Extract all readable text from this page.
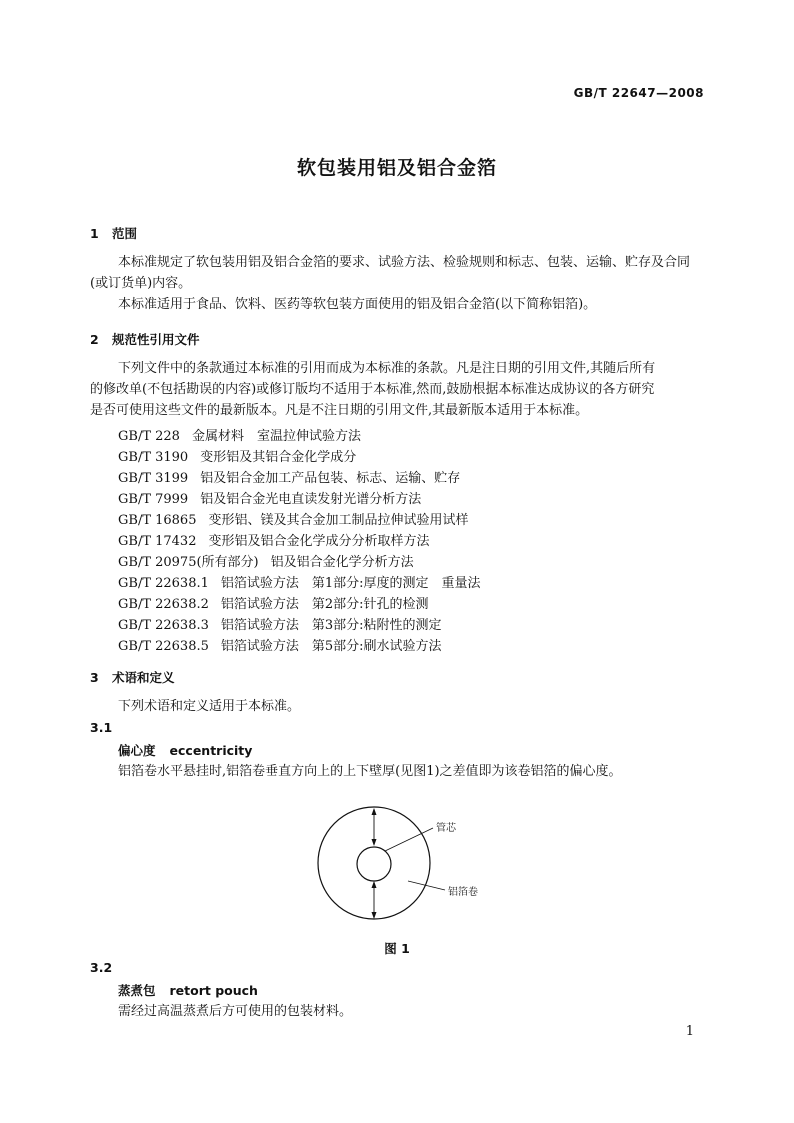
GB/T 22647—2008
软包装用铝及铝合金箔
1 范围
本标准规定了软包装用铝及铝合金箔的要求、试验方法、检验规则和标志、包装、运输、贮存及合同
(或订货单)内容。
本标准适用于食品、饮料、医药等软包装方面使用的铝及铝合金箔(以下简称铝箔)。
2 规范性引用文件
下列文件中的条款通过本标准的引用而成为本标准的条款。凡是注日期的引用文件,其随后所有
的修改单(不包括勘误的内容)或修订版均不适用于本标准,然而,鼓励根据本标准达成协议的各方研究
是否可使用这些文件的最新版本。凡是不注日期的引用文件,其最新版本适用于本标准。
GB/T 228 金属材料　室温拉伸试验方法
GB/T 3190 变形铝及其铝合金化学成分
GB/T 3199 铝及铝合金加工产品包装、标志、运输、贮存
GB/T 7999 铝及铝合金光电直读发射光谱分析方法
GB/T 16865 变形铝、镁及其合金加工制品拉伸试验用试样
GB/T 17432 变形铝及铝合金化学成分分析取样方法
GB/T 20975(所有部分) 铝及铝合金化学分析方法
GB/T 22638.1 铝箔试验方法　第1部分:厚度的测定　重量法
GB/T 22638.2 铝箔试验方法　第2部分:针孔的检测
GB/T 22638.3 铝箔试验方法　第3部分:粘附性的测定
GB/T 22638.5 铝箔试验方法　第5部分:刷水试验方法
3 术语和定义
下列术语和定义适用于本标准。
3.1
偏心度 eccentricity
铝箔卷水平悬挂时,铝箔卷垂直方向上的上下壁厚(见图1)之差值即为该卷铝箔的偏心度。
管芯
铝箔卷
图 1
3.2
蒸煮包 retort pouch
需经过高温蒸煮后方可使用的包装材料。
1
